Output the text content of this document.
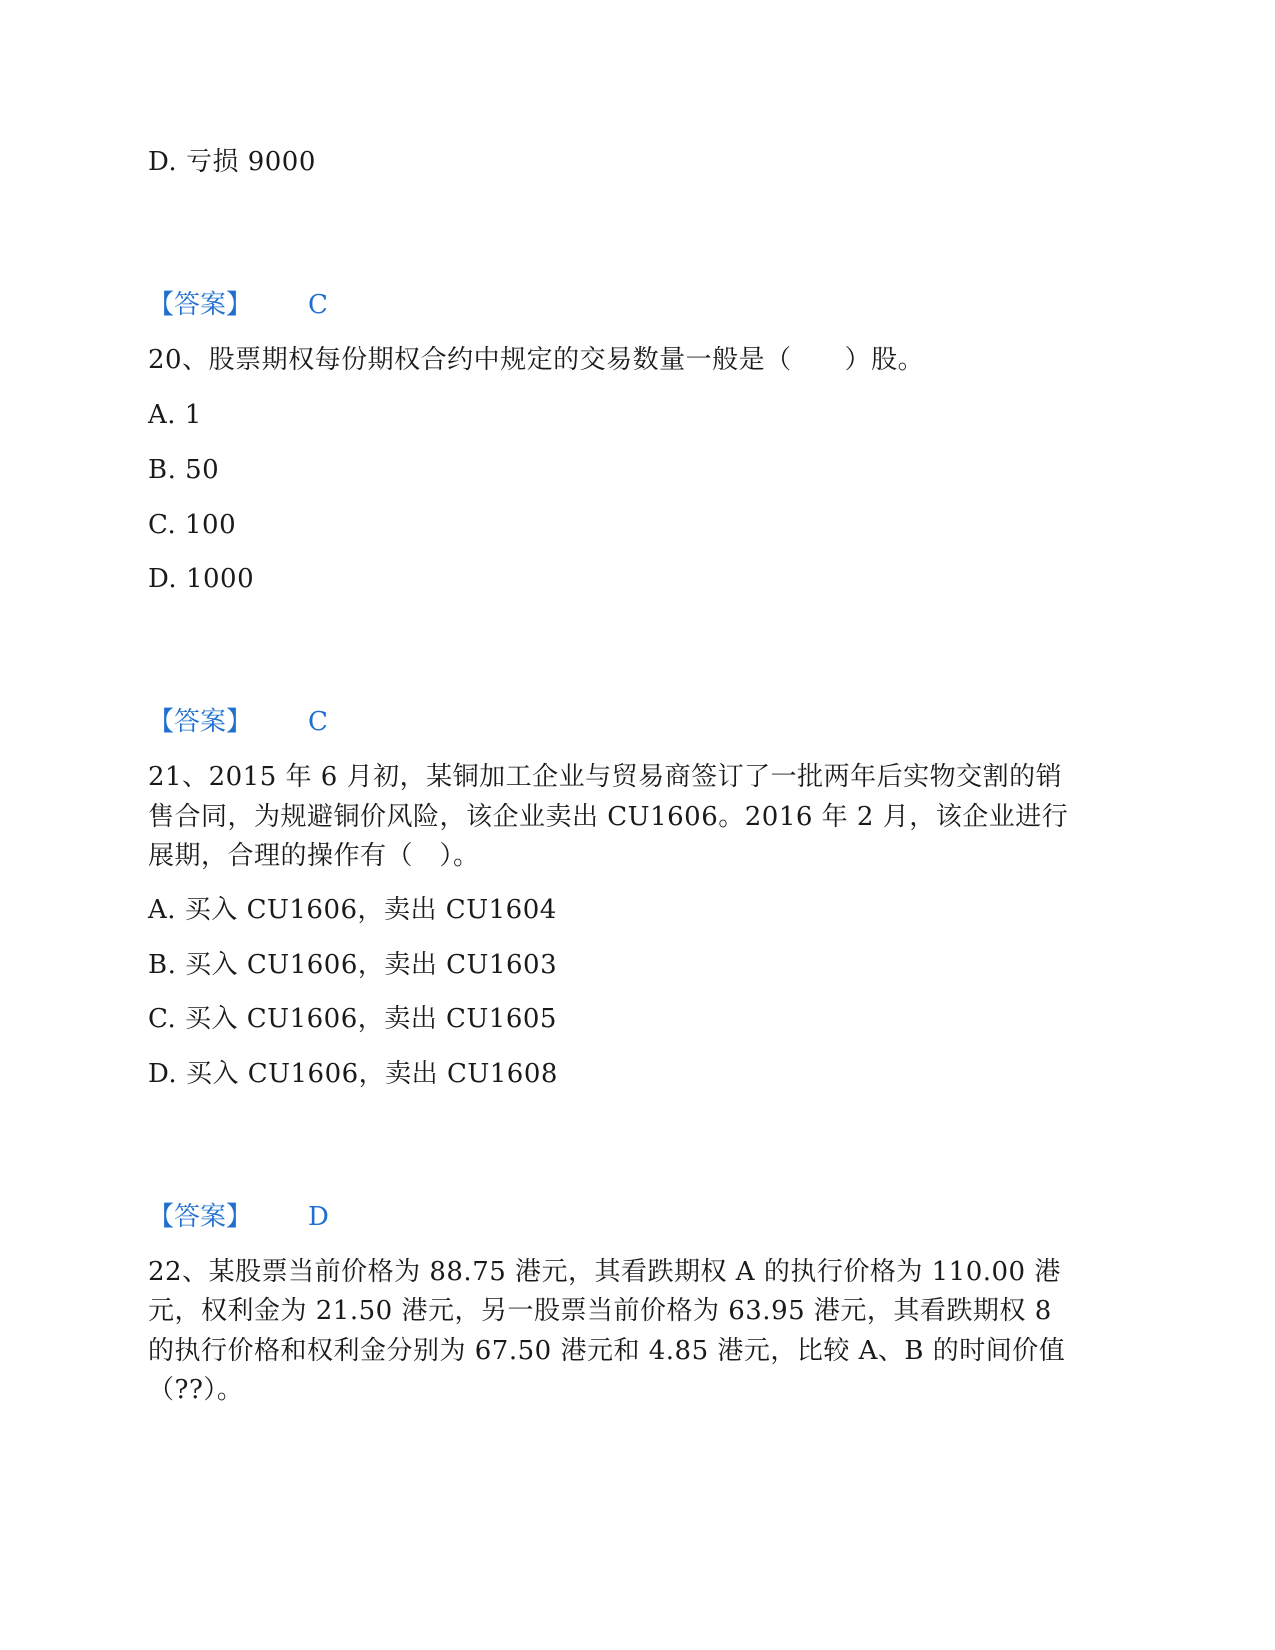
D. 亏损 9000
【答案】 C
20、股票期权每份期权合约中规定的交易数量一般是（　　）股。
A. 1
B. 50
C. 100
D. 1000
【答案】 C
21、2015 年 6 月初，某铜加工企业与贸易商签订了一批两年后实物交割的销
售合同，为规避铜价风险，该企业卖出 CU1606。2016 年 2 月，该企业进行
展期，合理的操作有（　）。
A. 买入 CU1606，卖出 CU1604
B. 买入 CU1606，卖出 CU1603
C. 买入 CU1606，卖出 CU1605
D. 买入 CU1606，卖出 CU1608
【答案】 D
22、某股票当前价格为 88.75 港元，其看跌期权 A 的执行价格为 110.00 港
元，权利金为 21.50 港元，另一股票当前价格为 63.95 港元，其看跌期权 8
的执行价格和权利金分别为 67.50 港元和 4.85 港元，比较 A、B 的时间价值
（??）。
